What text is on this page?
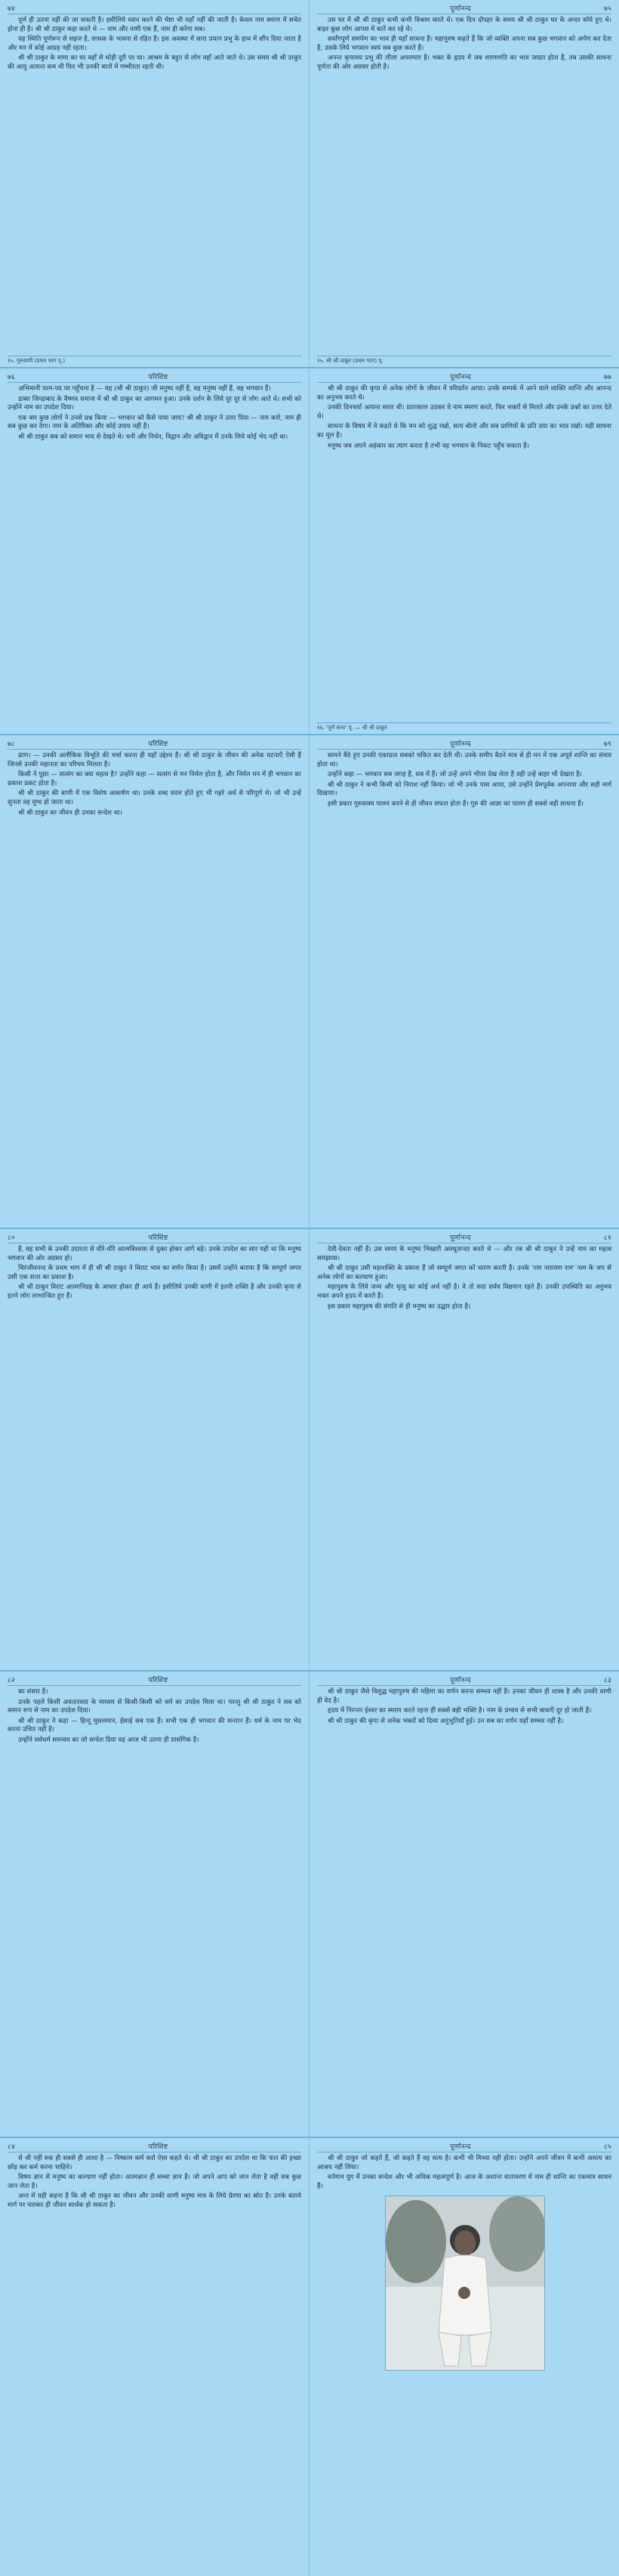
७४

पूर्ण ही उतना नहीं की जा सकती है। इसीलिये ध्यान करने की चेष्टा भी यहाँ नहीं की जाती है। केवल नाम स्मरण में सचेत होना ही है। श्री श्री ठाकुर कहा करते थे — नाम और नामी एक हैं, नाम ही करेगा सब।

यह स्थिति पूर्णरूप से सहज है, साधक के भावना से रहित है। इस अवस्था में सारा प्रयत्न प्रभु के हाथ में सौंप दिया जाता है और मन में कोई आग्रह नहीं रहता।

श्री श्री ठाकुर के मामा का घर वहाँ से थोड़ी दूरी पर था। आश्रम के बहुत से लोग वहाँ आते जाते थे। उस समय श्री श्री ठाकुर की आयु अत्यन्त कम थी फिर भी उनकी बातों में गम्भीरता रहती थी।

१५. गुरुवाणी (प्रथम भाग पृ.)
पूर्णानन्द	७५

उस घर में श्री श्री ठाकुर कभी कभी विश्राम करते थे। एक दिन दोपहर के समय श्री श्री ठाकुर घर के अन्दर सोये हुए थे। बाहर कुछ लोग आपस में बातें कर रहे थे।

सर्वांगपूर्ण समर्पण का भाव ही यहाँ साधना है। महापुरुष कहते हैं कि जो व्यक्ति अपना सब कुछ भगवान को अर्पण कर देता है, उसके लिये भगवान स्वयं सब कुछ करते हैं।

अनन्त कृपामय प्रभु की लीला अपरम्पार है। भक्त के हृदय में जब शरणागति का भाव जाग्रत होता है, तब उसकी साधना पूर्णता की ओर अग्रसर होती है।

१५. श्री श्री ठाकुर (प्रथम भाग) पृ.
७६	परिशिष्ट

अभिमानी परम-पद पर पहुँचना है — यह (श्री श्री ठाकुर) जी मनुष्य नहीं हैं, वह मनुष्य नहीं हैं, वह भगवान हैं।

ढाका जिन्द्राबाद के वैष्णव समाज में श्री श्री ठाकुर का आगमन हुआ। उनके दर्शन के लिये दूर दूर से लोग आते थे। सभी को उन्होंने नाम का उपदेश दिया।

एक बार कुछ लोगों ने उनसे प्रश्न किया — भगवान को कैसे पाया जाय? श्री श्री ठाकुर ने उत्तर दिया — नाम करो, नाम ही सब कुछ कर देगा। नाम के अतिरिक्त और कोई उपाय नहीं है।

श्री श्री ठाकुर सब को समान भाव से देखते थे। धनी और निर्धन, विद्वान और अविद्वान में उनके लिये कोई भेद नहीं था।

पूर्णानन्द	७७

श्री श्री ठाकुर की कृपा से अनेक लोगों के जीवन में परिवर्तन आया। उनके सम्पर्क में आने वाले व्यक्ति शान्ति और आनन्द का अनुभव करते थे।

उनकी दिनचर्या अत्यन्त सरल थी। प्रातःकाल उठकर वे नाम स्मरण करते, फिर भक्तों से मिलते और उनके प्रश्नों का उत्तर देते थे।

साधना के विषय में वे कहते थे कि मन को शुद्ध रखो, सत्य बोलो और सब प्राणियों के प्रति दया का भाव रखो। यही साधना का मूल है।

मनुष्य जब अपने अहंकार का त्याग करता है तभी वह भगवान के निकट पहुँच सकता है।

१६. 'पूर्ण सत्ता' पृ. — श्री श्री ठाकुर
७८	परिशिष्ट

प्राण। — उनकी अलौकिक विभूति की चर्चा करना ही यहाँ उद्देश्य है। श्री श्री ठाकुर के जीवन की अनेक घटनाएँ ऐसी हैं जिनसे उनकी महानता का परिचय मिलता है।

किसी ने पूछा — सत्संग का क्या महत्व है? उन्होंने कहा — सत्संग से मन निर्मल होता है, और निर्मल मन में ही भगवान का प्रकाश प्रकट होता है।

श्री श्री ठाकुर की वाणी में एक विशेष आकर्षण था। उनके शब्द सरल होते हुए भी गहरे अर्थ से परिपूर्ण थे। जो भी उन्हें सुनता वह मुग्ध हो जाता था।

श्री श्री ठाकुर का जीवन ही उनका सन्देश था।

पूर्णानन्द	७९

सामने बैठे हुए उनकी एकाग्रता सबको चकित कर देती थी। उनके समीप बैठने मात्र से ही मन में एक अपूर्व शान्ति का संचार होता था।

उन्होंने कहा — भगवान सब जगह हैं, सब में हैं। जो उन्हें अपने भीतर देख लेता है वही उन्हें बाहर भी देखता है।

श्री श्री ठाकुर ने कभी किसी को निराश नहीं किया। जो भी उनके पास आया, उसे उन्होंने प्रेमपूर्वक अपनाया और सही मार्ग दिखाया।

इसी प्रकार गुरुवाक्य पालन करने से ही जीवन सफल होता है। गुरु की आज्ञा का पालन ही सबसे बड़ी साधना है।

८०	परिशिष्ट

है, वह सभी के उनकी उदारता से धीरे-धीरे आत्मविश्वास से युक्त होकर आगे बढ़े। उनके उपदेश का सार यही था कि मनुष्य भगवान की ओर अग्रसर हो।

चिरंजीवनन्द के प्रथम भाग में ही श्री श्री ठाकुर ने विराट भाव का वर्णन किया है। उसमें उन्होंने बताया है कि सम्पूर्ण जगत उसी एक सत्ता का प्रकाश है।

श्री श्री ठाकुर विराट आत्मानिग्रह के आधार होकर ही आये हैं। इसीलिये उनकी वाणी में इतनी शक्ति है और उनकी कृपा से इतने लोग लाभान्वित हुए हैं।

पूर्णानन्द	८१

देवी-देवता नहीं हैं। उस समय के मनुष्य भिखारी अवधूतान्दर करते थे — और तब श्री श्री ठाकुर ने उन्हें नाम का महत्व समझाया।

श्री श्री ठाकुर उसी महाशक्ति के प्रकाश हैं जो सम्पूर्ण जगत को धारण करती है। उनके 'राम नारायण राम' नाम के जप से अनेक लोगों का कल्याण हुआ।

महापुरुष के लिये जन्म और मृत्यु का कोई अर्थ नहीं है। वे तो सदा सर्वत्र विद्यमान रहते हैं। उनकी उपस्थिति का अनुभव भक्त अपने हृदय में करते हैं।

इस प्रकार महापुरुष की संगति से ही मनुष्य का उद्धार होता है।

८२	परिशिष्ट

का संसार है।

उनके पहले किसी अवतारवाद के माध्यम से किसी-किसी को धर्म का उपदेश मिला था। परन्तु श्री श्री ठाकुर ने सब को समान रूप से नाम का उपदेश दिया।

श्री श्री ठाकुर ने कहा — हिन्दू मुसलमान, ईसाई सब एक हैं। सभी एक ही भगवान की सन्तान हैं। धर्म के नाम पर भेद करना उचित नहीं है।

उन्होंने सर्वधर्म समन्वय का जो सन्देश दिया वह आज भी उतना ही प्रासंगिक है।

पूर्णानन्द	८३

श्री श्री ठाकुर जैसे विशुद्ध महापुरुष की महिमा का वर्णन करना सम्भव नहीं है। उनका जीवन ही शास्त्र है और उनकी वाणी ही वेद है।

हृदय में निरन्तर ईश्वर का स्मरण करते रहना ही सबसे बड़ी भक्ति है। नाम के प्रभाव से सभी बाधाएँ दूर हो जाती हैं।

श्री श्री ठाकुर की कृपा से अनेक भक्तों को दिव्य अनुभूतियाँ हुई। उन सब का वर्णन यहाँ सम्भव नहीं है।

८४	परिशिष्ट

से श्री नहीं रुक ही सबसे ही आशा है — निष्काम कर्म करो ऐसा कहते थे। श्री श्री ठाकुर का उपदेश था कि फल की इच्छा छोड़ कर कर्म करना चाहिये।

विषय ज्ञान से मनुष्य का कल्याण नहीं होता। आत्मज्ञान ही सच्चा ज्ञान है। जो अपने आप को जान लेता है वही सब कुछ जान लेता है।

अन्त में यही कहना है कि श्री श्री ठाकुर का जीवन और उनकी वाणी मनुष्य मात्र के लिये प्रेरणा का स्रोत है। उनके बताये मार्ग पर चलकर ही जीवन सार्थक हो सकता है।

पूर्णानन्द	८५

श्री श्री ठाकुर जो कहते हैं, जो कहते हैं वह सत्य है। कभी भी मिथ्या नहीं होता। उन्होंने अपने जीवन में कभी असत्य का आश्रय नहीं लिया।

वर्तमान युग में उनका सन्देश और भी अधिक महत्वपूर्ण है। आज के अशान्त वातावरण में नाम ही शान्ति का एकमात्र साधन है।
